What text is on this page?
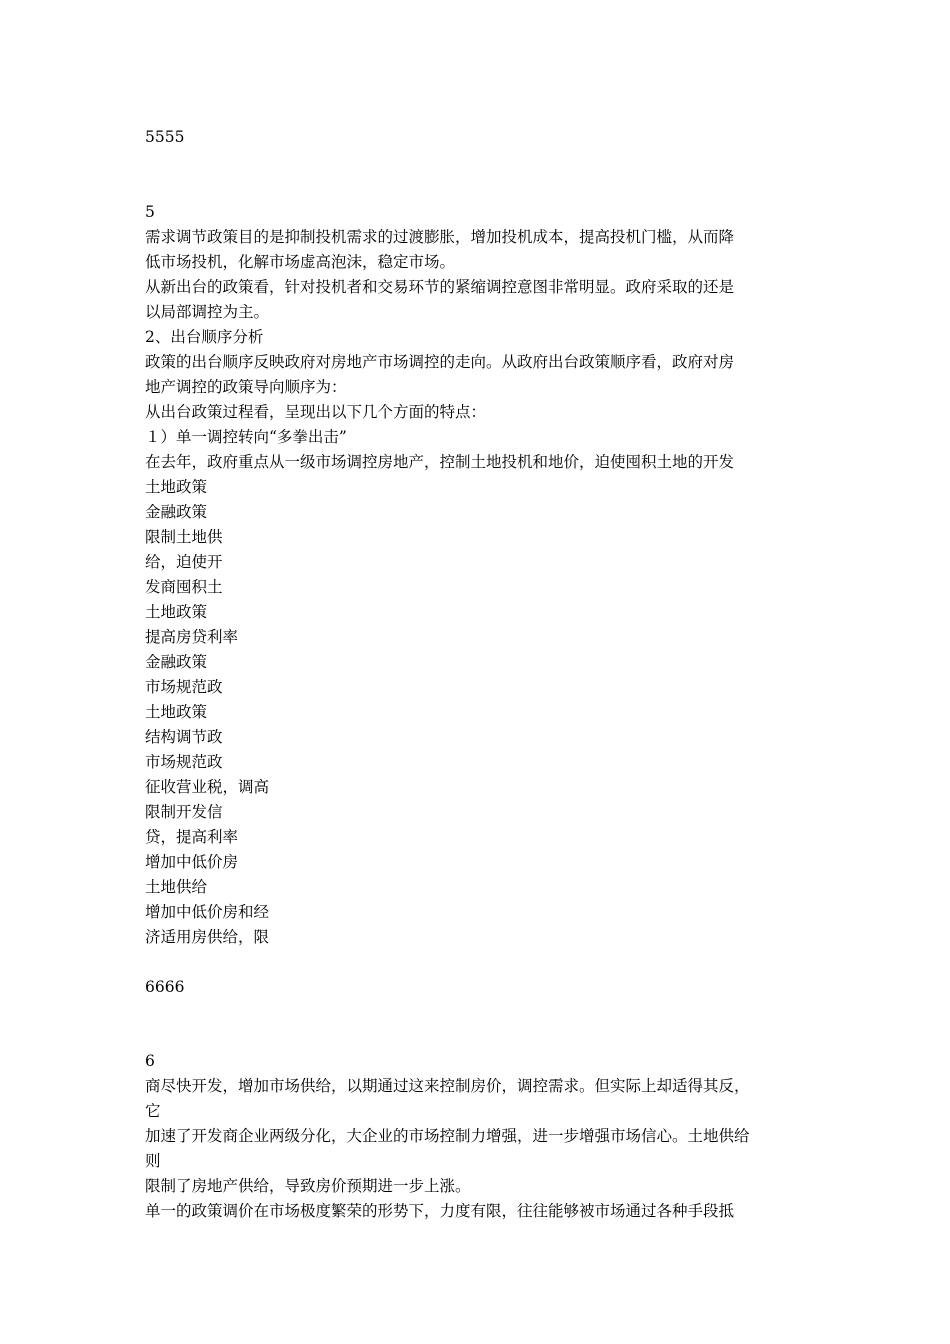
5555
5
需求调节政策目的是抑制投机需求的过渡膨胀，增加投机成本，提高投机门槛，从而降
低市场投机，化解市场虚高泡沫，稳定市场。
从新出台的政策看，针对投机者和交易环节的紧缩调控意图非常明显。政府采取的还是
以局部调控为主。
2、出台顺序分析
政策的出台顺序反映政府对房地产市场调控的走向。从政府出台政策顺序看，政府对房
地产调控的政策导向顺序为：
从出台政策过程看，呈现出以下几个方面的特点：
１）单一调控转向“多拳出击”
在去年，政府重点从一级市场调控房地产，控制土地投机和地价，迫使囤积土地的开发
土地政策
金融政策
限制土地供
给，迫使开
发商囤积土
土地政策
提高房贷利率
金融政策
市场规范政
土地政策
结构调节政
市场规范政
征收营业税，调高
限制开发信
贷，提高利率
增加中低价房
土地供给
增加中低价房和经
济适用房供给，限
6666
6
商尽快开发，增加市场供给，以期通过这来控制房价，调控需求。但实际上却适得其反，
它
加速了开发商企业两级分化，大企业的市场控制力增强，进一步增强市场信心。土地供给
则
限制了房地产供给，导致房价预期进一步上涨。
单一的政策调价在市场极度繁荣的形势下，力度有限，往往能够被市场通过各种手段抵
